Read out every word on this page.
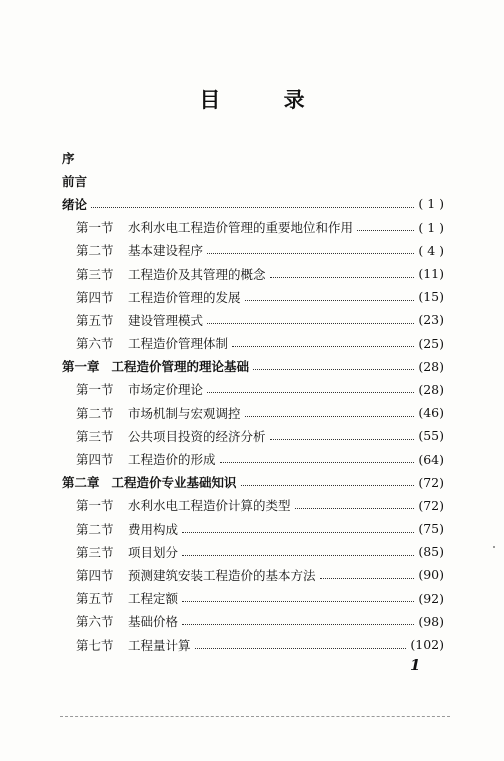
目 录
序
前言
绪论	( 1 )
第一节	水利水电工程造价管理的重要地位和作用	( 1 )
第二节	基本建设程序	( 4 )
第三节	工程造价及其管理的概念	(11)
第四节	工程造价管理的发展	(15)
第五节	建设管理模式	(23)
第六节	工程造价管理体制	(25)
第一章 工程造价管理的理论基础	(28)
第一节	市场定价理论	(28)
第二节	市场机制与宏观调控	(46)
第三节	公共项目投资的经济分析	(55)
第四节	工程造价的形成	(64)
第二章 工程造价专业基础知识	(72)
第一节	水利水电工程造价计算的类型	(72)
第二节	费用构成	(75)
第三节	项目划分	(85)
第四节	预测建筑安装工程造价的基本方法	(90)
第五节	工程定额	(92)
第六节	基础价格	(98)
第七节	工程量计算	(102)
1
